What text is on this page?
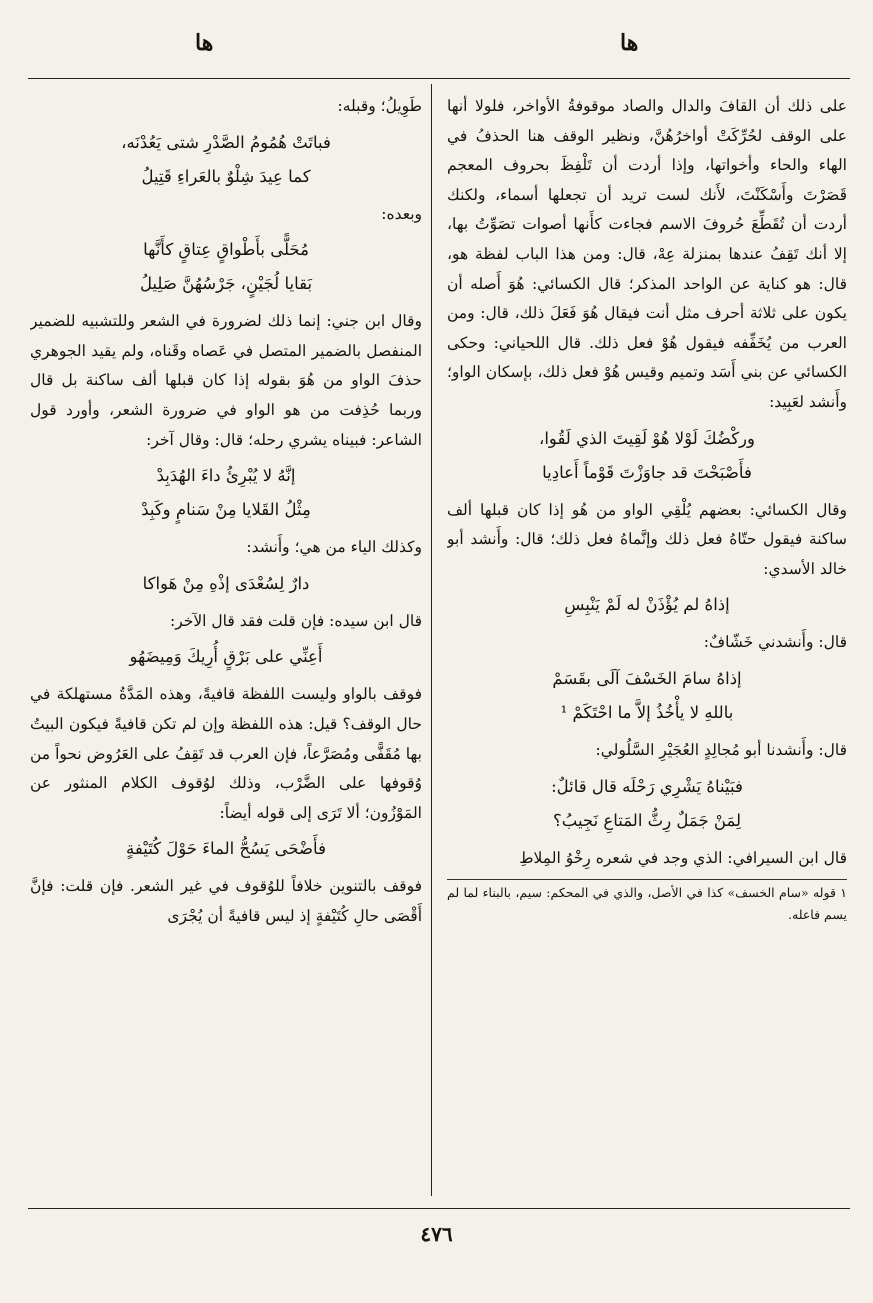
ها
ها

على ذلك أن القافَ والدال والصاد موقوفةُ الأواخر، فلولا أنها على الوقف لحُرِّكَتْ أواخرُهُنَّ، ونظير الوقف هنا الحذفُ في الهاء والحاء وأخواتها، وإذا أردت أن تَلْفِظَ بحروف المعجم قَصَرْتَ وأَسْكَنْتَ، لأَنك لست تريد أن تجعلها أسماء، ولكنك أردت أن تُقَطِّعَ حُروفَ الاسم فجاءت كأَنها أصوات تصَوِّتُ بها، إلا أنك تَقِفُ عندها بمنزلة عِهْ، قال: ومن هذا الباب لفظة هو، قال: هو كناية عن الواحد المذكر؛ قال الكسائي: هُوَ أَصله أن يكون على ثلاثة أحرف مثل أنت فيقال هُوَ فَعَلَ ذلك، قال: ومن العرب من يُخَفِّفه فيقول هُوْ فعل ذلك. قال اللحياني: وحكى الكسائي عن بني أَسَد وتميم وقيس هُوْ فعل ذلك، بإسكان الواو؛ وأَنشد لعَبِيد:

وركْضُكَ لَوْلا هُوْ لَقِيتَ الذي لَقُوا،
فأَصْبَحْتَ قد جاوَزْتَ قَوْماً أَعادِيا

وقال الكسائي: بعضهم يُلْقِي الواو من هُو إذا كان قبلها ألف ساكنة فيقول حتّاهُ فعل ذلك وإنَّماهُ فعل ذلك؛ قال: وأَنشد أبو خالد الأسدي:

إذاهُ لم يُؤْذَنْ له لَمْ يَنْبِسِ

قال: وأَنشدني خَشّافٌ:

إذاهُ سامَ الخَسْفَ آلَى بقَسَمْ
باللهِ لا يأْخُذُ إلاَّ ما احْتَكَمْ ¹

قال: وأَنشدنا أبو مُجالِدٍ العُجَيْرِ السَّلُولي:

فبَيْناهُ يَشْرِي رَحْلَه قال قائلٌ:
لِمَنْ جَمَلٌ رِثُّ المَتاعِ نَجِيبُ؟

قال ابن السيرافي: الذي وجد في شعره رِخْوُ المِلاطِ

١ قوله «سام الخسف» كذا في الأصل، والذي في المحكم: سيم، بالبناء لما لم يسم فاعله.

طَوِيلُ؛ وقبله:

فباتَتْ هُمُومُ الصَّدْرِ شتى يَعُدْنَه،
كما عِيدَ شِلْوٌ بالعَراءِ قَتِيلُ

وبعده:

مُحَلًّى بأَطْواقٍ عِتاقٍ كأَنَّها
بَقايا لُجَيْنٍ، جَرْسُهُنَّ صَلِيلُ

وقال ابن جني: إنما ذلك لضرورة في الشعر وللتشبيه للضمير المنفصل بالضمير المتصل في عَصاه وقَناه، ولم يقيد الجوهري حذفَ الواو من هُوَ بقوله إذا كان قبلها ألف ساكنة بل قال وربما حُذِفت من هو الواو في ضرورة الشعر، وأورد قول الشاعر: فبيناه يشري رحله؛ قال: وقال آخر:

إنَّهُ لا يُبْرِئُ داءَ الهُدَبِدْ
مِثْلُ القَلايا مِنْ سَنامٍ وكَبِدْ

وكذلك الياء من هي؛ وأَنشد:

دارٌ لِسُعْدَى إذْهِ مِنْ هَواكا

قال ابن سيده: فإن قلت فقد قال الآخر:

أَعِنِّي على بَرْقٍ أُرِيكَ وَمِيضَهُو

فوقف بالواو وليست اللفظة قافيةً، وهذه المَدَّةُ مستهلكة في حال الوقف؟ قيل: هذه اللفظة وإن لم تكن قافيةً فيكون البيتُ بها مُقَفًّى ومُصَرَّعاً، فإن العرب قد تَقِفُ على العَرُوض نحواً من وُقوفها على الضَّرْب، وذلك لوُقوف الكلام المنثور عن المَوْزُون؛ ألا تَرَى إلى قوله أيضاً:

فأَضْحَى يَسُحُّ الماءَ حَوْلَ كُتَيْفةٍ

فوقف بالتنوين خلافاً للوُقوف في غير الشعر. فإن قلت: فإنَّ أَقْصَى حالِ كُتَيْفةٍ إذ ليس قافيةً أن يُجْرَى

٤٧٦
